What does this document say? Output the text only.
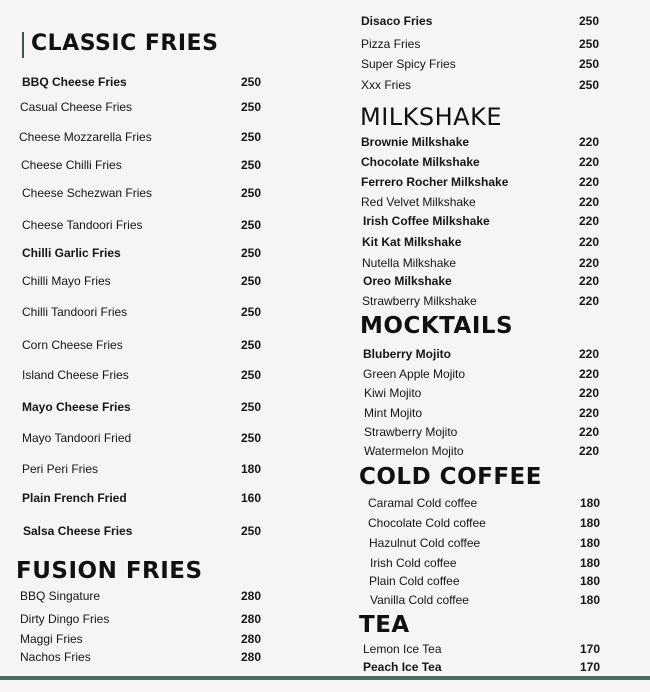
CLASSIC FRIES
BBQ Cheese Fries	250
Casual Cheese Fries	250
Cheese Mozzarella Fries	250
Cheese Chilli Fries	250
Cheese Schezwan Fries	250
Cheese Tandoori Fries	250
Chilli Garlic Fries	250
Chilli Mayo Fries	250
Chilli Tandoori Fries	250
Corn Cheese Fries	250
Island Cheese Fries	250
Mayo Cheese Fries	250
Mayo Tandoori Fried	250
Peri Peri Fries	180
Plain French Fried	160
Salsa Cheese Fries	250
FUSION FRIES
BBQ Singature	280
Dirty Dingo Fries	280
Maggi Fries	280
Nachos Fries	280
Disaco Fries	250
Pizza Fries	250
Super Spicy Fries	250
Xxx Fries	250
MILKSHAKE
Brownie Milkshake	220
Chocolate Milkshake	220
Ferrero Rocher Milkshake	220
Red Velvet Milkshake	220
Irish Coffee Milkshake	220
Kit Kat Milkshake	220
Nutella Milkshake	220
Oreo Milkshake	220
Strawberry Milkshake	220
MOCKTAILS
Bluberry Mojito	220
Green Apple Mojito	220
Kiwi Mojito	220
Mint Mojito	220
Strawberry Mojito	220
Watermelon Mojito	220
COLD COFFEE
Caramal Cold coffee	180
Chocolate Cold coffee	180
Hazulnut Cold coffee	180
Irish Cold coffee	180
Plain Cold coffee	180
Vanilla Cold coffee	180
TEA
Lemon Ice Tea	170
Peach Ice Tea	170
